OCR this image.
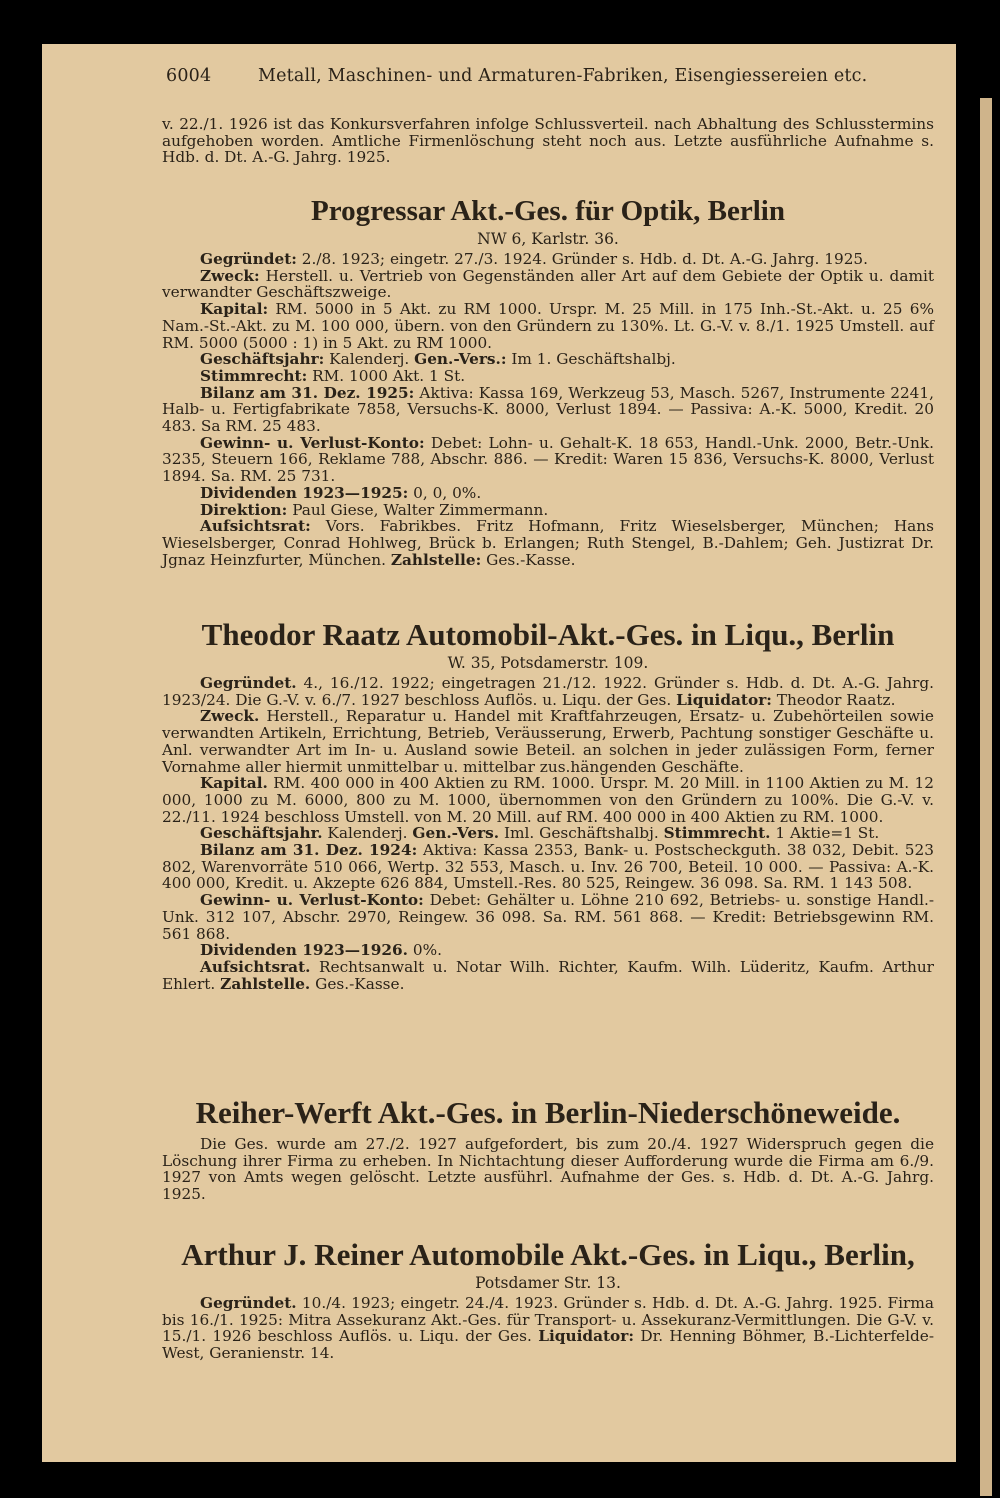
6004	Metall, Maschinen- und Armaturen-Fabriken, Eisengiessereien etc.

v. 22./1. 1926 ist das Konkursverfahren infolge Schlussverteil. nach Abhaltung des Schlusstermins aufgehoben worden. Amtliche Firmenlöschung steht noch aus. Letzte ausführliche Aufnahme s. Hdb. d. Dt. A.-G. Jahrg. 1925.

Progressar Akt.-Ges. für Optik, Berlin
NW 6, Karlstr. 36.

Gegründet: 2./8. 1923; eingetr. 27./3. 1924. Gründer s. Hdb. d. Dt. A.-G. Jahrg. 1925.

Zweck: Herstell. u. Vertrieb von Gegenständen aller Art auf dem Gebiete der Optik u. damit verwandter Geschäftszweige.

Kapital: RM. 5000 in 5 Akt. zu RM 1000. Urspr. M. 25 Mill. in 175 Inh.-St.-Akt. u. 25 6% Nam.-St.-Akt. zu M. 100 000, übern. von den Gründern zu 130%. Lt. G.-V. v. 8./1. 1925 Umstell. auf RM. 5000 (5000 : 1) in 5 Akt. zu RM 1000.

Geschäftsjahr: Kalenderj. Gen.-Vers.: Im 1. Geschäftshalbj.

Stimmrecht: RM. 1000 Akt. 1 St.

Bilanz am 31. Dez. 1925: Aktiva: Kassa 169, Werkzeug 53, Masch. 5267, Instrumente 2241, Halb- u. Fertigfabrikate 7858, Versuchs-K. 8000, Verlust 1894. — Passiva: A.-K. 5000, Kredit. 20 483. Sa RM. 25 483.

Gewinn- u. Verlust-Konto: Debet: Lohn- u. Gehalt-K. 18 653, Handl.-Unk. 2000, Betr.-Unk. 3235, Steuern 166, Reklame 788, Abschr. 886. — Kredit: Waren 15 836, Versuchs-K. 8000, Verlust 1894. Sa. RM. 25 731.

Dividenden 1923—1925: 0, 0, 0%.

Direktion: Paul Giese, Walter Zimmermann.

Aufsichtsrat: Vors. Fabrikbes. Fritz Hofmann, Fritz Wieselsberger, München; Hans Wieselsberger, Conrad Hohlweg, Brück b. Erlangen; Ruth Stengel, B.-Dahlem; Geh. Justizrat Dr. Jgnaz Heinzfurter, München. Zahlstelle: Ges.-Kasse.

Theodor Raatz Automobil-Akt.-Ges. in Liqu., Berlin
W. 35, Potsdamerstr. 109.

Gegründet. 4., 16./12. 1922; eingetragen 21./12. 1922. Gründer s. Hdb. d. Dt. A.-G. Jahrg. 1923/24. Die G.-V. v. 6./7. 1927 beschloss Auflös. u. Liqu. der Ges. Liquidator: Theodor Raatz.

Zweck. Herstell., Reparatur u. Handel mit Kraftfahrzeugen, Ersatz- u. Zubehörteilen sowie verwandten Artikeln, Errichtung, Betrieb, Veräusserung, Erwerb, Pachtung sonstiger Geschäfte u. Anl. verwandter Art im In- u. Ausland sowie Beteil. an solchen in jeder zulässigen Form, ferner Vornahme aller hiermit unmittelbar u. mittelbar zus.hängenden Geschäfte.

Kapital. RM. 400 000 in 400 Aktien zu RM. 1000. Urspr. M. 20 Mill. in 1100 Aktien zu M. 12 000, 1000 zu M. 6000, 800 zu M. 1000, übernommen von den Gründern zu 100%. Die G.-V. v. 22./11. 1924 beschloss Umstell. von M. 20 Mill. auf RM. 400 000 in 400 Aktien zu RM. 1000.

Geschäftsjahr. Kalenderj. Gen.-Vers. Iml. Geschäftshalbj. Stimmrecht. 1 Aktie=1 St.

Bilanz am 31. Dez. 1924: Aktiva: Kassa 2353, Bank- u. Postscheckguth. 38 032, Debit. 523 802, Warenvorräte 510 066, Wertp. 32 553, Masch. u. Inv. 26 700, Beteil. 10 000. — Passiva: A.-K. 400 000, Kredit. u. Akzepte 626 884, Umstell.-Res. 80 525, Reingew. 36 098. Sa. RM. 1 143 508.

Gewinn- u. Verlust-Konto: Debet: Gehälter u. Löhne 210 692, Betriebs- u. sonstige Handl.-Unk. 312 107, Abschr. 2970, Reingew. 36 098. Sa. RM. 561 868. — Kredit: Betriebsgewinn RM. 561 868.

Dividenden 1923—1926. 0%.

Aufsichtsrat. Rechtsanwalt u. Notar Wilh. Richter, Kaufm. Wilh. Lüderitz, Kaufm. Arthur Ehlert. Zahlstelle. Ges.-Kasse.

Reiher-Werft Akt.-Ges. in Berlin-Niederschöneweide.

Die Ges. wurde am 27./2. 1927 aufgefordert, bis zum 20./4. 1927 Widerspruch gegen die Löschung ihrer Firma zu erheben. In Nichtachtung dieser Aufforderung wurde die Firma am 6./9. 1927 von Amts wegen gelöscht. Letzte ausführl. Aufnahme der Ges. s. Hdb. d. Dt. A.-G. Jahrg. 1925.

Arthur J. Reiner Automobile Akt.-Ges. in Liqu., Berlin,
Potsdamer Str. 13.

Gegründet. 10./4. 1923; eingetr. 24./4. 1923. Gründer s. Hdb. d. Dt. A.-G. Jahrg. 1925. Firma bis 16./1. 1925: Mitra Assekuranz Akt.-Ges. für Transport- u. Assekuranz-Vermittlungen. Die G-V. v. 15./1. 1926 beschloss Auflös. u. Liqu. der Ges. Liquidator: Dr. Henning Böhmer, B.-Lichterfelde-West, Geranienstr. 14.
